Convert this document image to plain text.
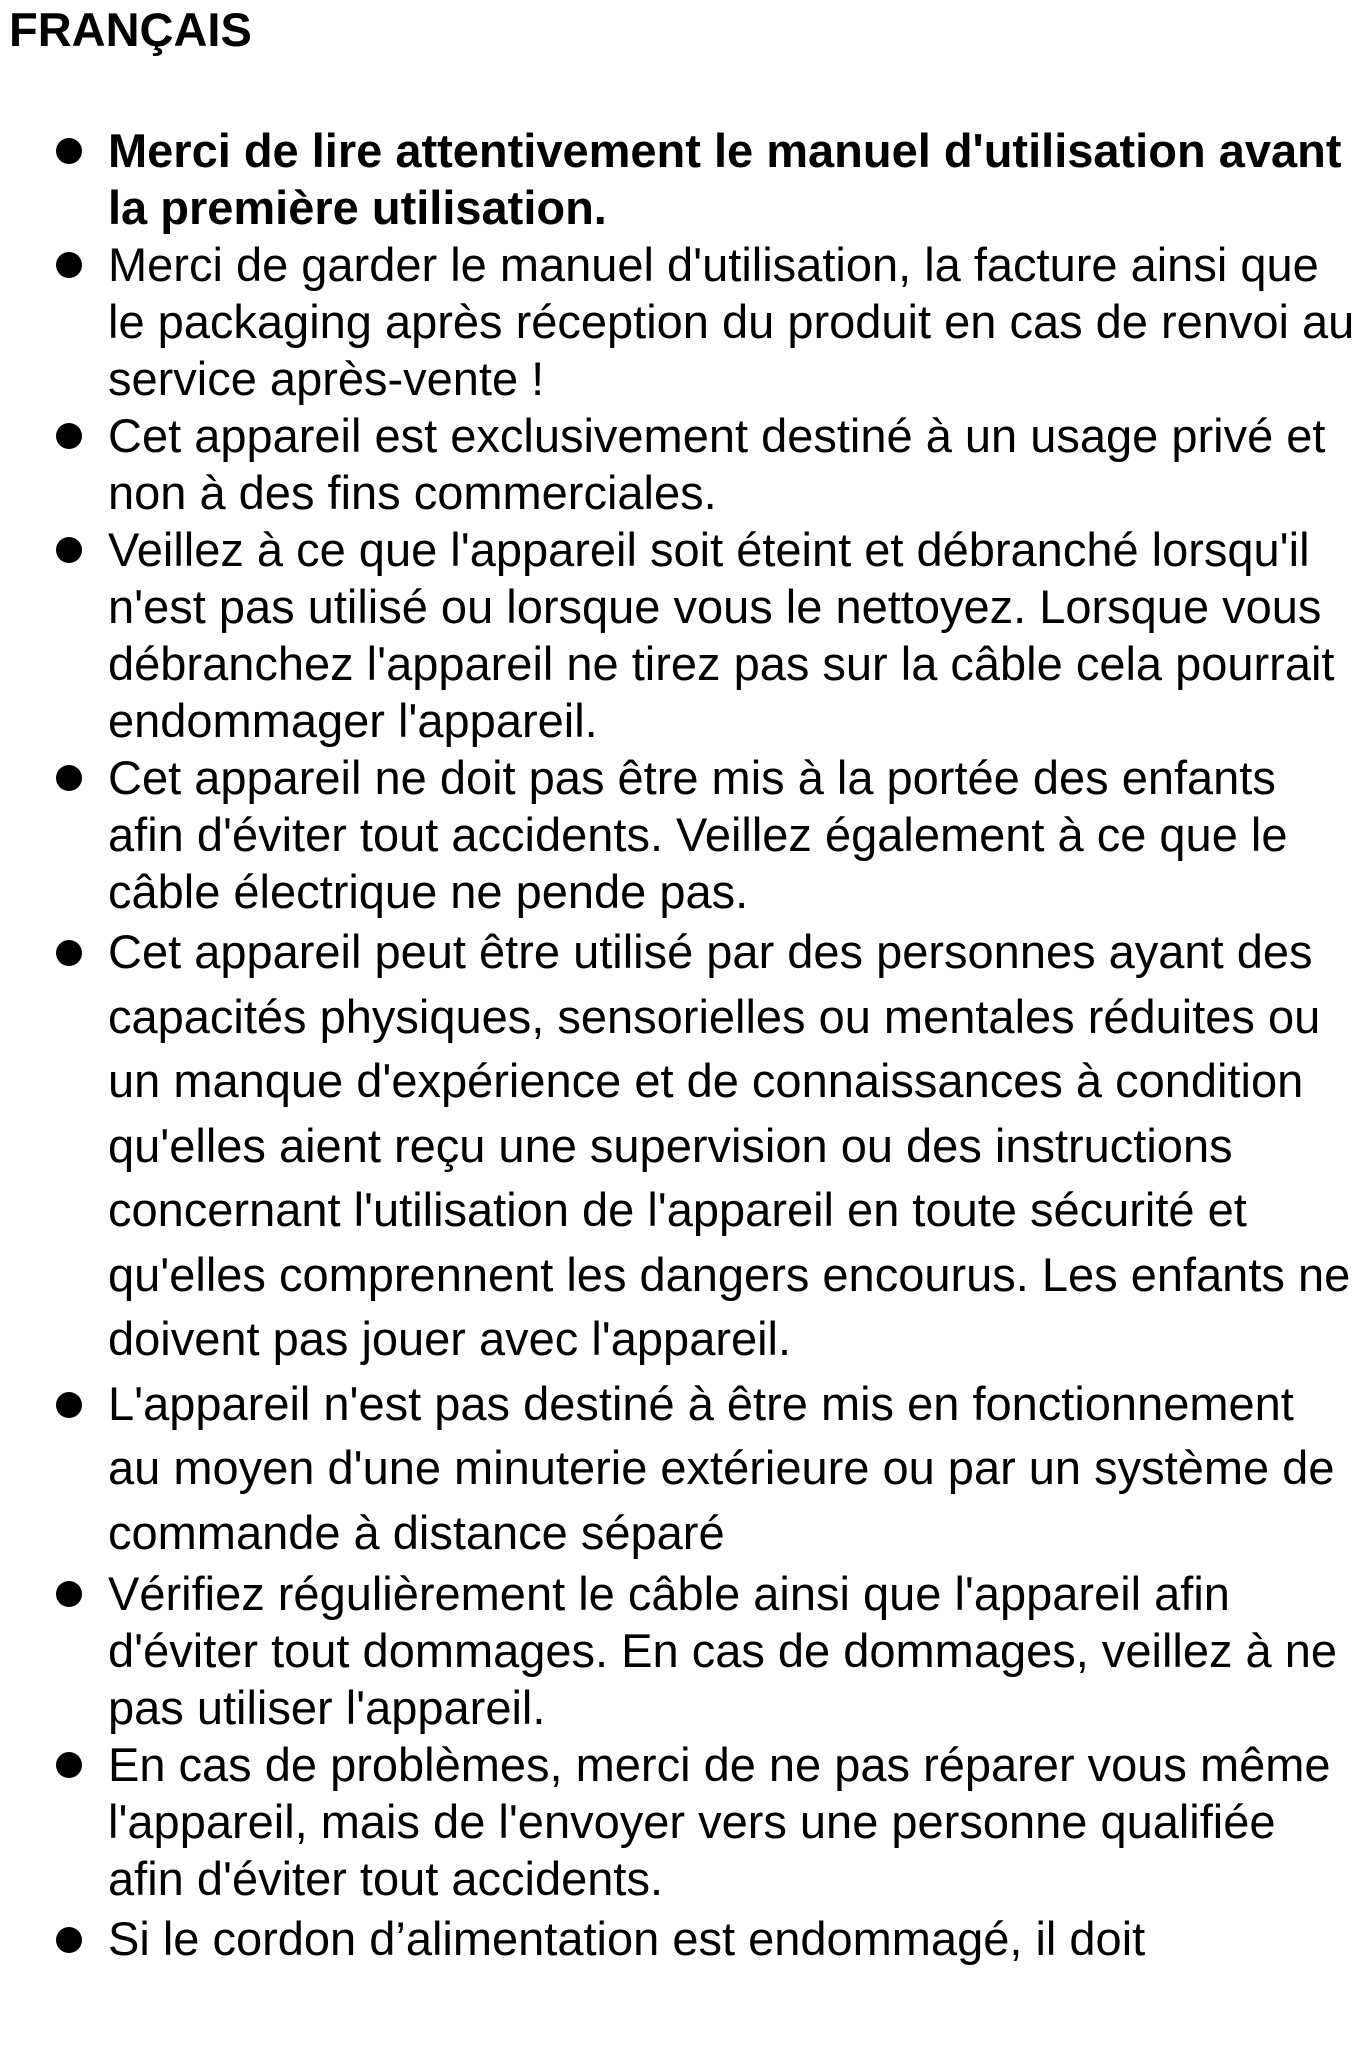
FRANÇAIS
Merci de lire attentivement le manuel d'utilisation avant la première utilisation.
Merci de garder le manuel d'utilisation, la facture ainsi que le packaging après réception du produit en cas de renvoi au service après-vente !
Cet appareil est exclusivement destiné à un usage privé et non à des fins commerciales.
Veillez à ce que l'appareil soit éteint et débranché lorsqu'il n'est pas utilisé ou lorsque vous le nettoyez. Lorsque vous débranchez l'appareil ne tirez pas sur la câble cela pourrait endommager l'appareil.
Cet appareil ne doit pas être mis à la portée des enfants afin d'éviter tout accidents. Veillez également à ce que le câble électrique ne pende pas.
Cet appareil peut être utilisé par des personnes ayant des capacités physiques, sensorielles ou mentales réduites ou un manque d'expérience et de connaissances à condition qu'elles aient reçu une supervision ou des instructions concernant l'utilisation de l'appareil en toute sécurité et qu'elles comprennent les dangers encourus. Les enfants ne doivent pas jouer avec l'appareil.
L'appareil n'est pas destiné à être mis en fonctionnement au moyen d'une minuterie extérieure ou par un système de commande à distance séparé
Vérifiez régulièrement le câble ainsi que l'appareil afin d'éviter tout dommages. En cas de dommages, veillez à ne pas utiliser l'appareil.
En cas de problèmes, merci de ne pas réparer vous même l'appareil, mais de l'envoyer vers une personne qualifiée afin d'éviter tout accidents.
Si le cordon d’alimentation est endommagé, il doit
